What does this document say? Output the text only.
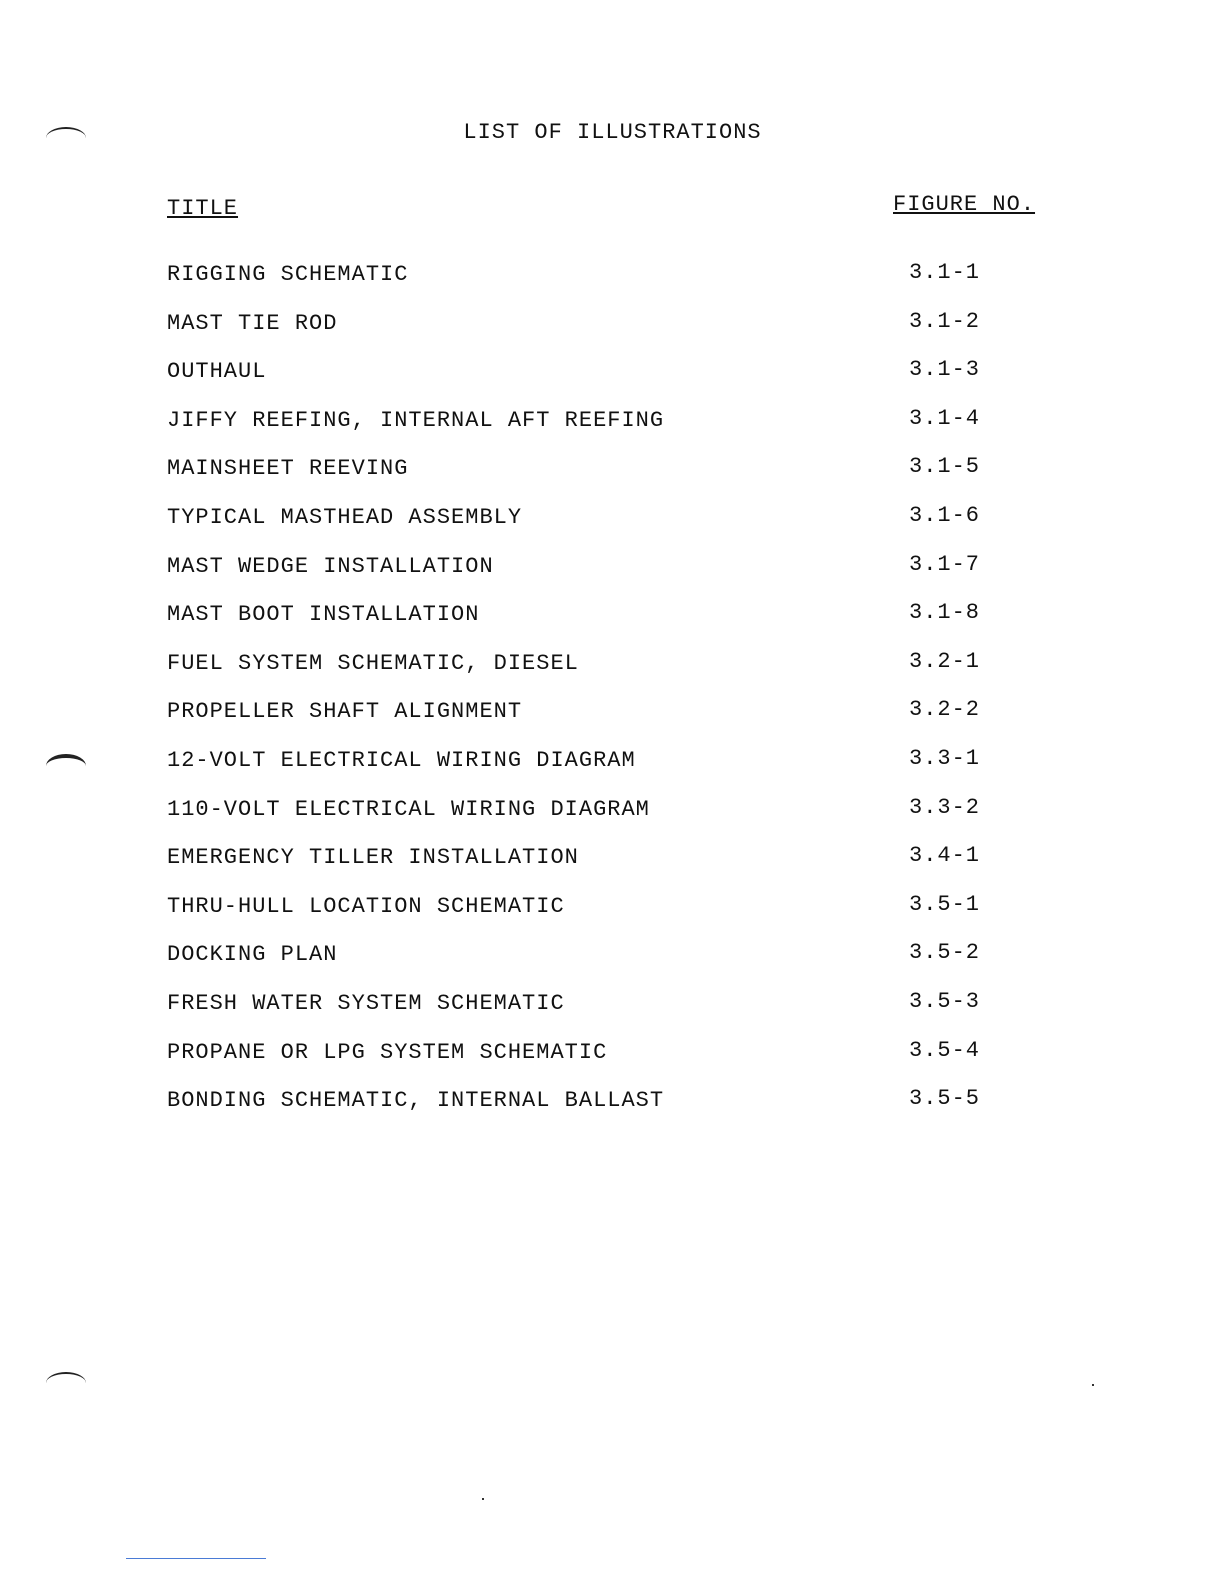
LIST OF ILLUSTRATIONS
TITLE	FIGURE NO.
RIGGING SCHEMATIC	3.1-1
MAST TIE ROD	3.1-2
OUTHAUL	3.1-3
JIFFY REEFING, INTERNAL AFT REEFING	3.1-4
MAINSHEET REEVING	3.1-5
TYPICAL MASTHEAD ASSEMBLY	3.1-6
MAST WEDGE INSTALLATION	3.1-7
MAST BOOT INSTALLATION	3.1-8
FUEL SYSTEM SCHEMATIC, DIESEL	3.2-1
PROPELLER SHAFT ALIGNMENT	3.2-2
12-VOLT ELECTRICAL WIRING DIAGRAM	3.3-1
110-VOLT ELECTRICAL WIRING DIAGRAM	3.3-2
EMERGENCY TILLER INSTALLATION	3.4-1
THRU-HULL LOCATION SCHEMATIC	3.5-1
DOCKING PLAN	3.5-2
FRESH WATER SYSTEM SCHEMATIC	3.5-3
PROPANE OR LPG SYSTEM SCHEMATIC	3.5-4
BONDING SCHEMATIC, INTERNAL BALLAST	3.5-5
